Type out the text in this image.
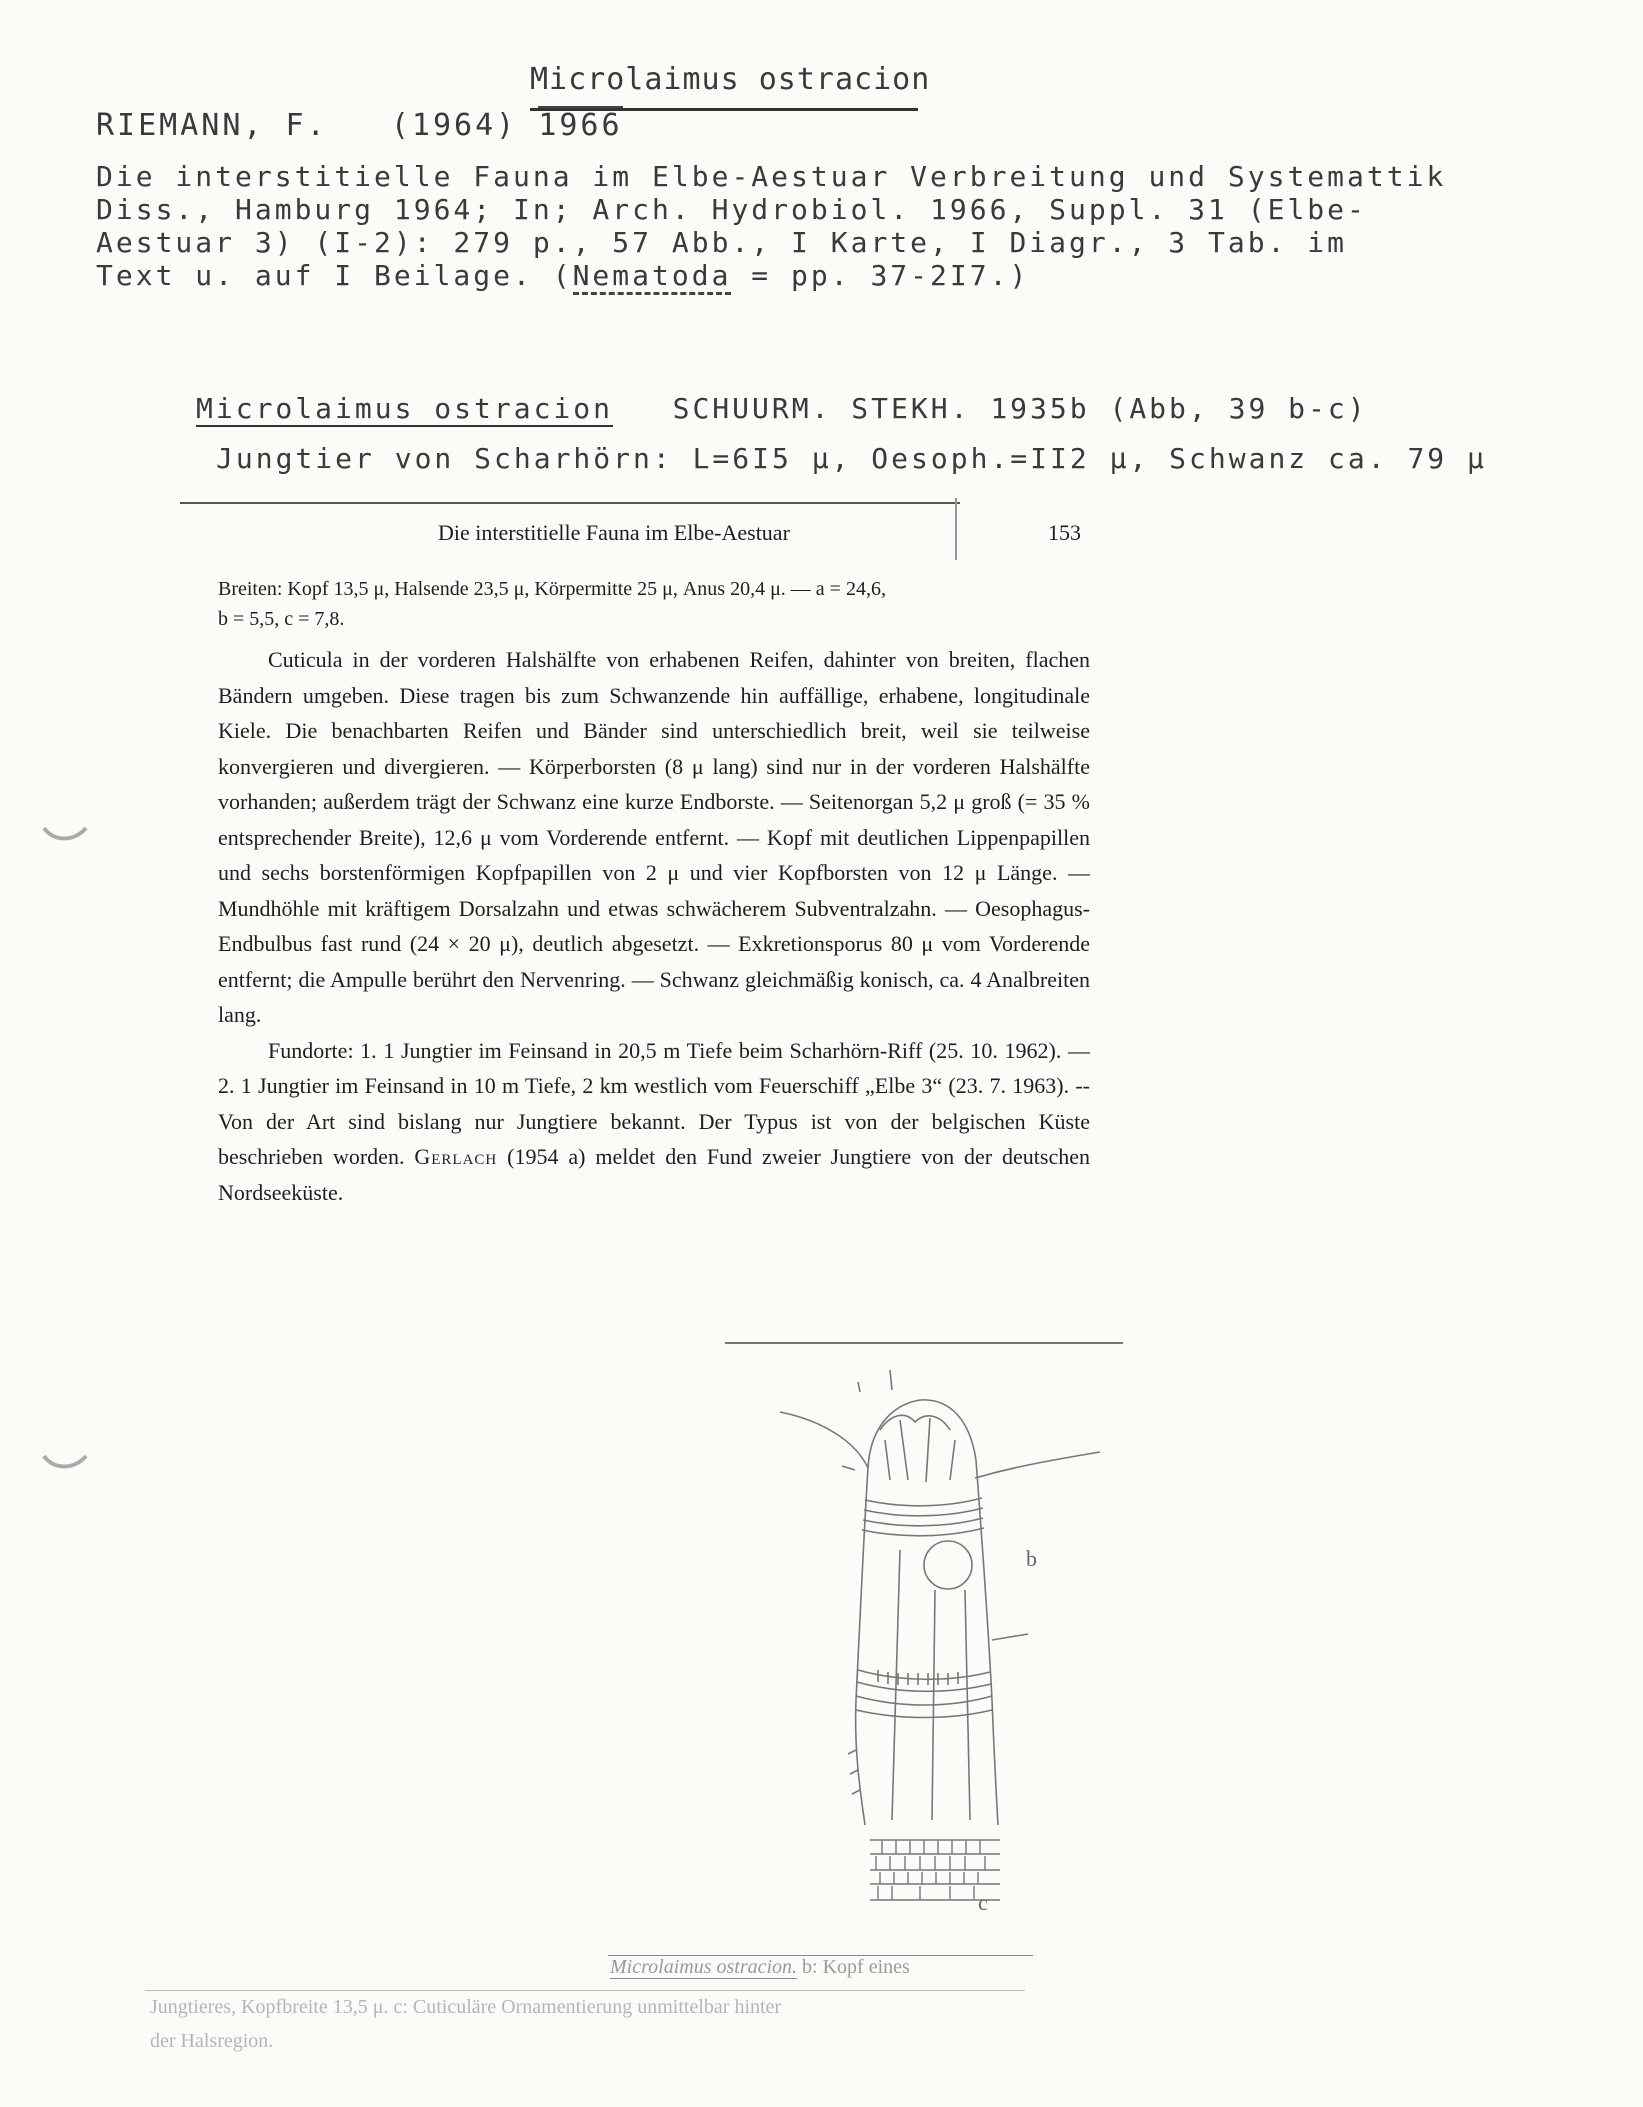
Microlaimus ostracion
RIEMANN, F. (1964) 1966
Die interstitielle Fauna im Elbe-Aestuar Verbreitung und Systemattik
Diss., Hamburg 1964; In; Arch. Hydrobiol. 1966, Suppl. 31 (Elbe-
Aestuar 3) (I-2): 279 p., 57 Abb., I Karte, I Diagr., 3 Tab. im
Text u. auf I Beilage. (Nematoda = pp. 37-2I7.)
Microlaimus ostracion SCHUURM. STEKH. 1935b (Abb, 39 b-c)
Jungtier von Scharhörn: L=6I5 μ, Oesoph.=II2 μ, Schwanz ca. 79 μ
Die interstitielle Fauna im Elbe-Aestuar	153

Breiten: Kopf 13,5 μ, Halsende 23,5 μ, Körpermitte 25 μ, Anus 20,4 μ. — a = 24,6,
b = 5,5, c = 7,8.

Cuticula in der vorderen Halshälfte von erhabenen Reifen, dahinter von breiten, flachen Bändern umgeben. Diese tragen bis zum Schwanzende hin auffällige, erhabene, longitudinale Kiele. Die benachbarten Reifen und Bänder sind unterschiedlich breit, weil sie teilweise konvergieren und divergieren. — Körperborsten (8 μ lang) sind nur in der vorderen Halshälfte vorhanden; außerdem trägt der Schwanz eine kurze Endborste. — Seitenorgan 5,2 μ groß (= 35 % entsprechender Breite), 12,6 μ vom Vorderende entfernt. — Kopf mit deutlichen Lippenpapillen und sechs borstenförmigen Kopfpapillen von 2 μ und vier Kopfborsten von 12 μ Länge. — Mundhöhle mit kräftigem Dorsalzahn und etwas schwächerem Subventralzahn. — Oesophagus-Endbulbus fast rund (24 × 20 μ), deutlich abgesetzt. — Exkretionsporus 80 μ vom Vorderende entfernt; die Ampulle berührt den Nervenring. — Schwanz gleichmäßig konisch, ca. 4 Analbreiten lang.

Fundorte: 1. 1 Jungtier im Feinsand in 20,5 m Tiefe beim Scharhörn-Riff (25. 10. 1962). — 2. 1 Jungtier im Feinsand in 10 m Tiefe, 2 km westlich vom Feuerschiff „Elbe 3“ (23. 7. 1963). -- Von der Art sind bislang nur Jungtiere bekannt. Der Typus ist von der belgischen Küste beschrieben worden. Gerlach (1954 a) meldet den Fund zweier Jungtiere von der deutschen Nordseeküste.

b
c
Microlaimus ostracion. b: Kopf eines
Jungtieres, Kopfbreite 13,5 μ. c: Cuticuläre Ornamentierung unmittelbar hinter
der Halsregion.
